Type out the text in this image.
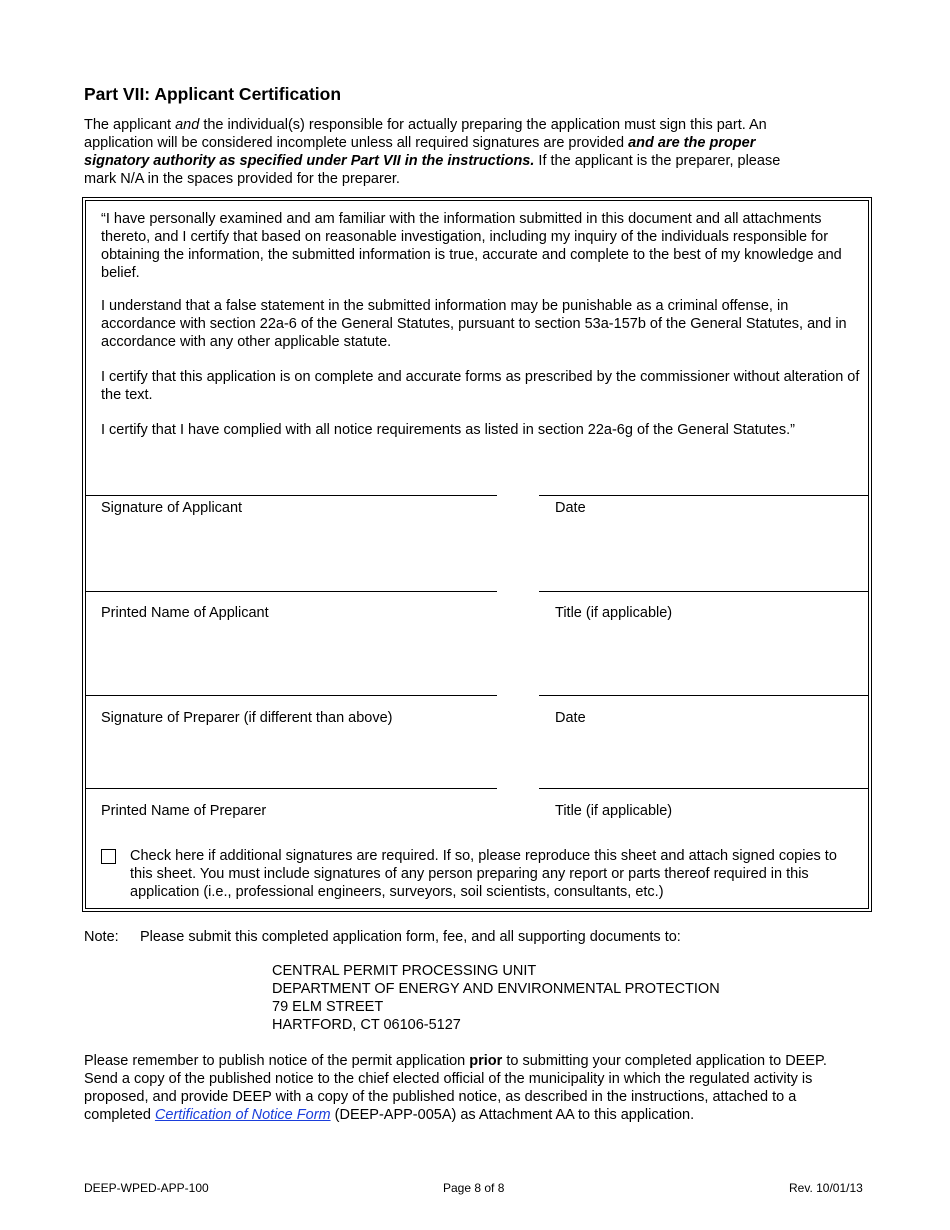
Part VII: Applicant Certification

The applicant and the individual(s) responsible for actually preparing the application must sign this part. An application will be considered incomplete unless all required signatures are provided and are the proper signatory authority as specified under Part VII in the instructions. If the applicant is the preparer, please mark N/A in the spaces provided for the preparer.

“I have personally examined and am familiar with the information submitted in this document and all attachments thereto, and I certify that based on reasonable investigation, including my inquiry of the individuals responsible for obtaining the information, the submitted information is true, accurate and complete to the best of my knowledge and belief.

I understand that a false statement in the submitted information may be punishable as a criminal offense, in accordance with section 22a-6 of the General Statutes, pursuant to section 53a-157b of the General Statutes, and in accordance with any other applicable statute.

I certify that this application is on complete and accurate forms as prescribed by the commissioner without alteration of the text.

I certify that I have complied with all notice requirements as listed in section 22a-6g of the General Statutes.”

Signature of Applicant	Date
Printed Name of Applicant	Title (if applicable)
Signature of Preparer (if different than above)	Date
Printed Name of Preparer	Title (if applicable)
Check here if additional signatures are required. If so, please reproduce this sheet and attach signed copies to this sheet. You must include signatures of any person preparing any report or parts thereof required in this application (i.e., professional engineers, surveyors, soil scientists, consultants, etc.)
Note: Please submit this completed application form, fee, and all supporting documents to:
CENTRAL PERMIT PROCESSING UNIT
DEPARTMENT OF ENERGY AND ENVIRONMENTAL PROTECTION
79 ELM STREET
HARTFORD, CT 06106-5127

Please remember to publish notice of the permit application prior to submitting your completed application to DEEP. Send a copy of the published notice to the chief elected official of the municipality in which the regulated activity is proposed, and provide DEEP with a copy of the published notice, as described in the instructions, attached to a completed Certification of Notice Form (DEEP-APP-005A) as Attachment AA to this application.

DEEP-WPED-APP-100	Page 8 of 8	Rev. 10/01/13
